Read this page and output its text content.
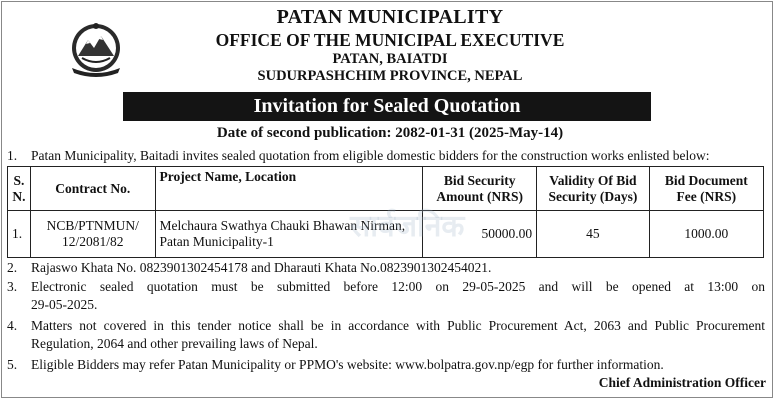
PATAN MUNICIPALITY
OFFICE OF THE MUNICIPAL EXECUTIVE
PATAN, BAIATDI
SUDURPASHCHIM PROVINCE, NEPAL
Invitation for Sealed Quotation
Date of second publication: 2082-01-31 (2025-May-14)
1. Patan Municipality, Baitadi invites sealed quotation from eligible domestic bidders for the construction works enlisted below:
S. N.	Contract No.	Project Name, Location	Bid Security Amount (NRS)	Validity Of Bid Security (Days)	Bid Document Fee (NRS)
1.	NCB/PTNMUN/ 12/2081/82	Melchaura Swathya Chauki Bhawan Nirman, Patan Municipality-1	50000.00	45	1000.00
सार्वजनिक
2. Rajaswo Khata No. 0823901302454178 and Dharauti Khata No.0823901302454021.
3. Electronic sealed quotation must be submitted before 12:00 on 29-05-2025 and will be opened at 13:00 on
29-05-2025.
4. Matters not covered in this tender notice shall be in accordance with Public Procurement Act, 2063 and Public Procurement
Regulation, 2064 and other prevailing laws of Nepal.
5. Eligible Bidders may refer Patan Municipality or PPMO's website: www.bolpatra.gov.np/egp for further information.
Chief Administration Officer
